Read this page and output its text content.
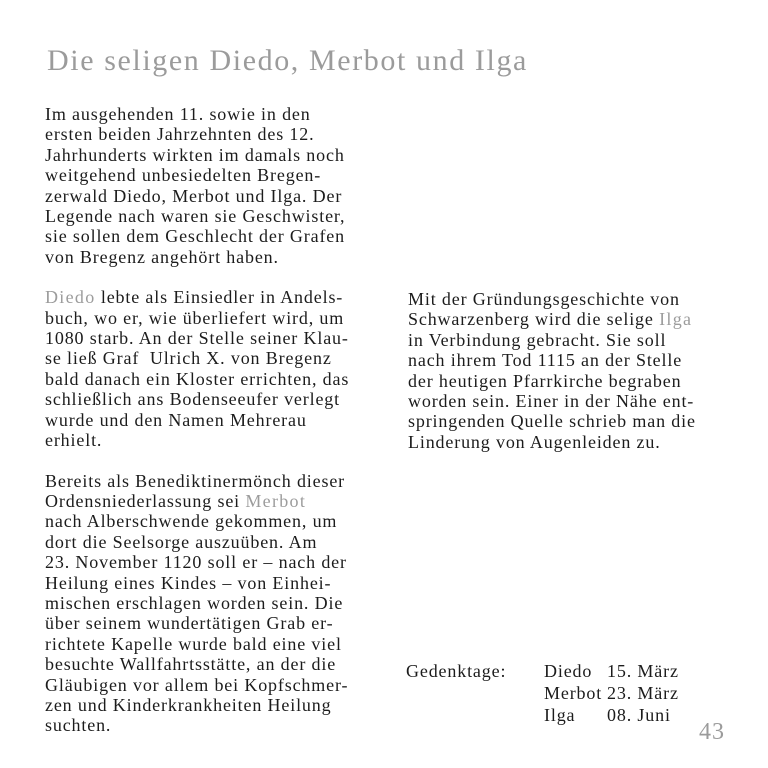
Die seligen Diedo, Merbot und Ilga
Im ausgehenden 11. sowie in den
ersten beiden Jahrzehnten des 12.
Jahrhunderts wirkten im damals noch
weitgehend unbesiedelten Bregen-
zerwald Diedo, Merbot und Ilga. Der
Legende nach waren sie Geschwister,
sie sollen dem Geschlecht der Grafen
von Bregenz angehört haben.
Diedo lebte als Einsiedler in Andels-
buch, wo er, wie überliefert wird, um
1080 starb. An der Stelle seiner Klau-
se ließ Graf  Ulrich X. von Bregenz
bald danach ein Kloster errichten, das
schließlich ans Bodenseeufer verlegt
wurde und den Namen Mehrerau
erhielt.
Bereits als Benediktinermönch dieser
Ordensniederlassung sei Merbot
nach Alberschwende gekommen, um
dort die Seelsorge auszuüben. Am
23. November 1120 soll er – nach der
Heilung eines Kindes – von Einhei-
mischen erschlagen worden sein. Die
über seinem wundertätigen Grab er-
richtete Kapelle wurde bald eine viel
besuchte Wallfahrtsstätte, an der die
Gläubigen vor allem bei Kopfschmer-
zen und Kinderkrankheiten Heilung
suchten.
Mit der Gründungsgeschichte von
Schwarzenberg wird die selige Ilga
in Verbindung gebracht. Sie soll
nach ihrem Tod 1115 an der Stelle
der heutigen Pfarrkirche begraben
worden sein. Einer in der Nähe ent-
springenden Quelle schrieb man die
Linderung von Augenleiden zu.
Gedenktage:	Diedo 15. März
Merbot 23. März
Ilga	08. Juni
43
